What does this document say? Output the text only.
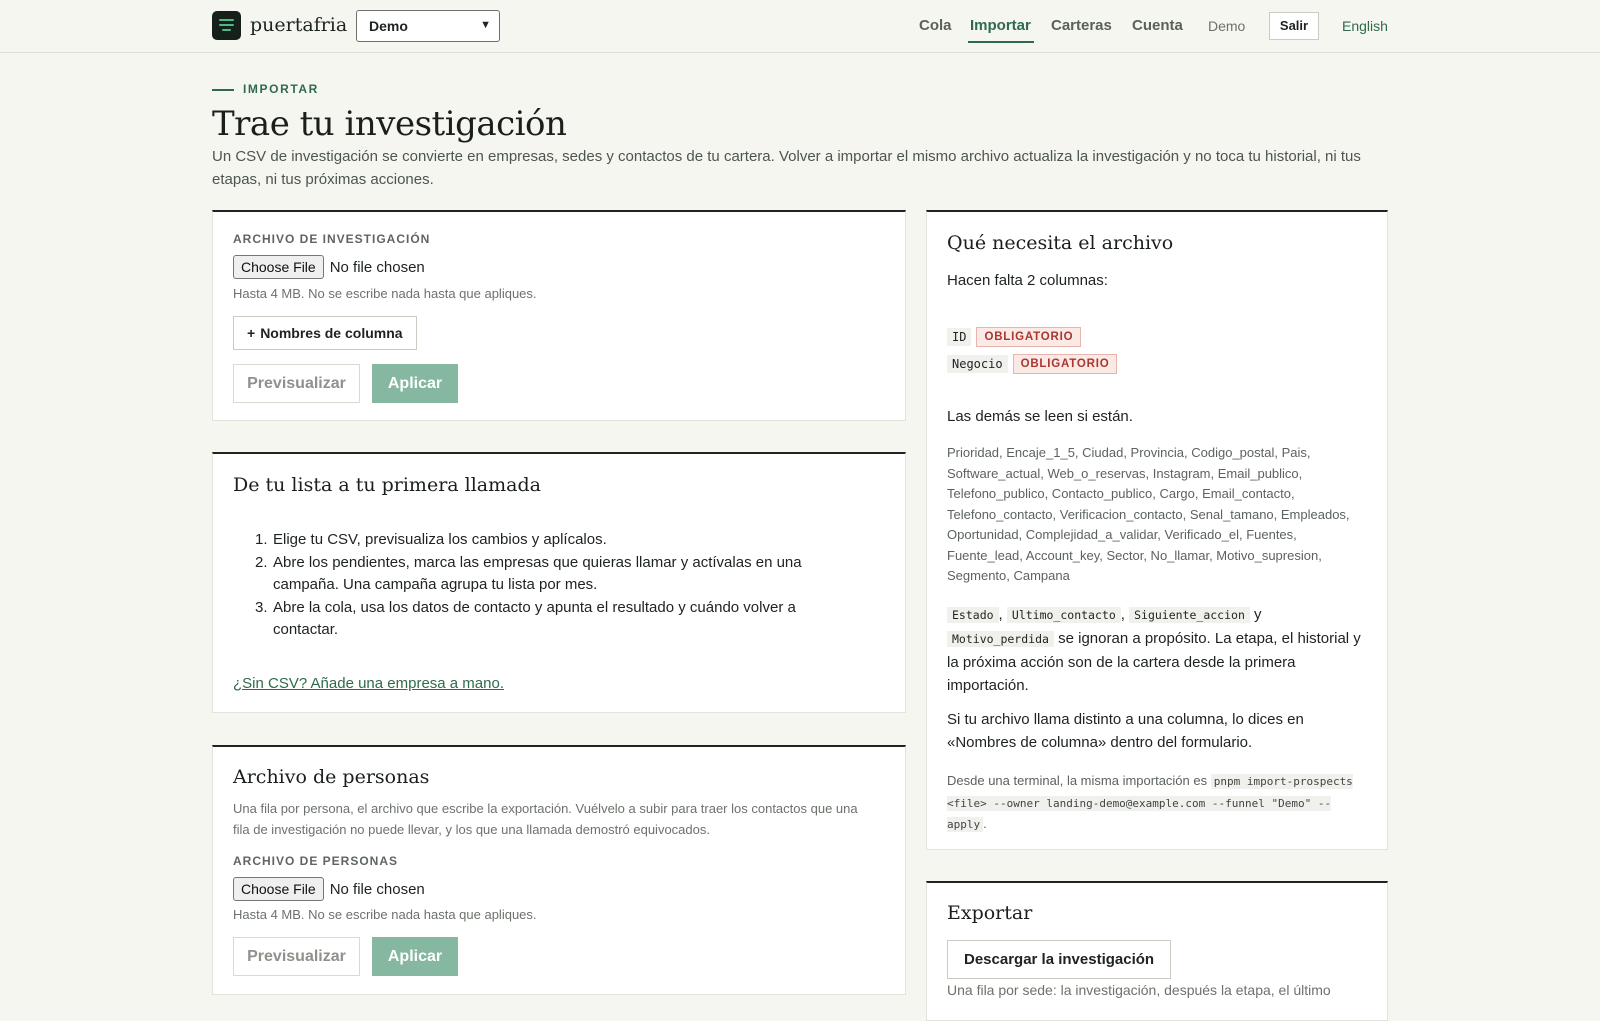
puertafria	Demo	▼	Cola Importar Carteras Cuenta Demo	Salir	English
IMPORTAR
Trae tu investigación

Un CSV de investigación se convierte en empresas, sedes y contactos de tu cartera. Volver a importar el mismo archivo actualiza la investigación y no toca tu historial, ni tus etapas, ni tus próximas acciones.

ARCHIVO DE INVESTIGACIÓN
Choose File No file chosen
Hasta 4 MB. No se escribe nada hasta que apliques.
+ Nombres de columna
Previsualizar	Aplicar
De tu lista a tu primera llamada
1. Elige tu CSV, previsualiza los cambios y aplícalos.
2. Abre los pendientes, marca las empresas que quieras llamar y actívalas en una
campaña. Una campaña agrupa tu lista por mes.
3. Abre la cola, usa los datos de contacto y apunta el resultado y cuándo volver a
contactar.
¿Sin CSV? Añade una empresa a mano.
Archivo de personas

Una fila por persona, el archivo que escribe la exportación. Vuélvelo a subir para traer los contactos que una fila de investigación no puede llevar, y los que una llamada demostró equivocados.

ARCHIVO DE PERSONAS
Choose File No file chosen
Hasta 4 MB. No se escribe nada hasta que apliques.
Previsualizar	Aplicar
Qué necesita el archivo
Hacen falta 2 columnas:
ID	OBLIGATORIO
Negocio	OBLIGATORIO
Las demás se leen si están.

Prioridad, Encaje_1_5, Ciudad, Provincia, Codigo_postal, Pais, Software_actual, Web_o_reservas, Instagram, Email_publico, Telefono_publico, Contacto_publico, Cargo, Email_contacto, Telefono_contacto, Verificacion_contacto, Senal_tamano, Empleados, Oportunidad, Complejidad_a_validar, Verificado_el, Fuentes, Fuente_lead, Account_key, Sector, No_llamar, Motivo_supresion, Segmento, Campana

Estado , Ultimo_contacto , Siguiente_accion y Motivo_perdida se ignoran a propósito. La etapa, el historial y la próxima acción son de la cartera desde la primera importación.

Si tu archivo llama distinto a una columna, lo dices en «Nombres de columna» dentro del formulario.

Desde una terminal, la misma importación es pnpm import-prospects <file> --owner landing-demo@example.com --funnel "Demo" --apply .

Exportar
Descargar la investigación
Una fila por sede: la investigación, después la etapa, el último
